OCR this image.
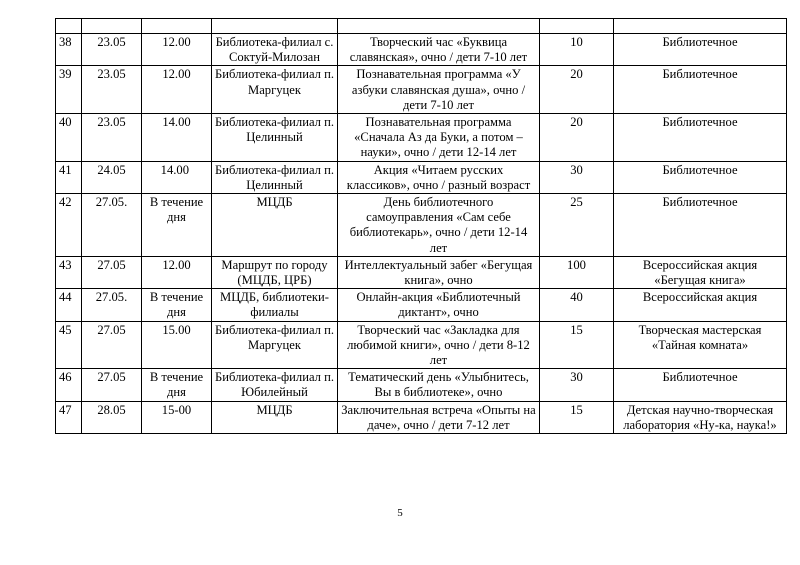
38	23.05	12.00	Библиотека-филиал с. Соктуй-Милозан	Творческий час «Буквица славянская», очно / дети 7-10 лет	10	Библиотечное
39	23.05	12.00	Библиотека-филиал п. Маргуцек	Познавательная программа «У азбуки славянская душа», очно / дети 7-10 лет	20	Библиотечное
40	23.05	14.00	Библиотека-филиал п. Целинный	Познавательная программа «Сначала Аз да Буки, а потом – науки», очно / дети 12-14 лет	20	Библиотечное
41	24.05	14.00	Библиотека-филиал п. Целинный	Акция «Читаем русских классиков», очно / разный возраст	30	Библиотечное
42	27.05.	В течение дня	МЦДБ	День библиотечного самоуправления «Сам себе библиотекарь», очно / дети 12-14 лет	25	Библиотечное
43	27.05	12.00	Маршрут по городу (МЦДБ, ЦРБ)	Интеллектуальный забег «Бегущая книга», очно	100	Всероссийская акция «Бегущая книга»
44	27.05.	В течение дня	МЦДБ, библиотеки-филиалы	Онлайн-акция «Библиотечный диктант», очно	40	Всероссийская акция
45	27.05	15.00	Библиотека-филиал п. Маргуцек	Творческий час «Закладка для любимой книги», очно / дети 8-12 лет	15	Творческая мастерская «Тайная комната»
46	27.05	В течение дня	Библиотека-филиал п. Юбилейный	Тематический день «Улыбнитесь, Вы в библиотеке», очно	30	Библиотечное
47	28.05	15-00	МЦДБ	Заключительная встреча «Опыты на даче», очно / дети 7-12 лет	15	Детская научно-творческая лаборатория «Ну-ка, наука!»
5
